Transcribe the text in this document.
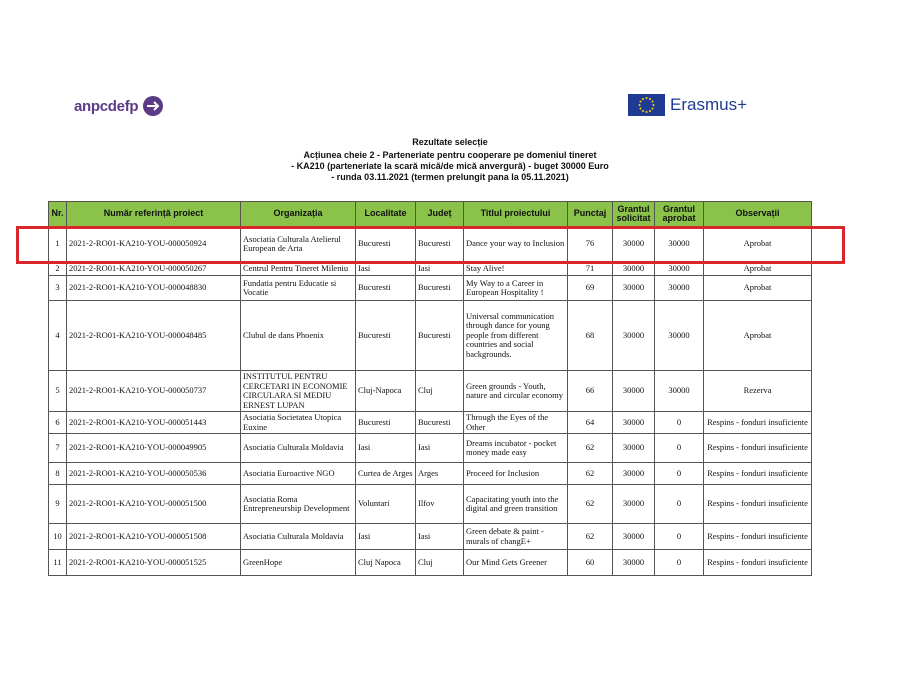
anpcdefp	Erasmus+
Rezultate selecție
Acțiunea cheie 2 - Parteneriate pentru cooperare pe domeniul tineret
- KA210 (parteneriate la scară mică/de mică anvergură) - buget 30000 Euro
- runda 03.11.2021 (termen prelungit pana la 05.11.2021)
Nr.	Număr referință proiect	Organizația	Localitate	Județ	Titlul proiectului	Punctaj	Grantul solicitat	Grantul aprobat	Observații
1	2021-2-RO01-KA210-YOU-000050924	Asociatia Culturala Atelierul European de Arta	Bucuresti	Bucuresti	Dance your way to Inclusion	76	30000	30000	Aprobat
2	2021-2-RO01-KA210-YOU-000050267	Centrul Pentru Tineret Mileniu	Iasi	Iasi	Stay Alive!	71	30000	30000	Aprobat
3	2021-2-RO01-KA210-YOU-000048830	Fundatia pentru Educatie si Vocatie	Bucuresti	Bucuresti	My Way to a Career in European Hospitality !	69	30000	30000	Aprobat
4	2021-2-RO01-KA210-YOU-000048485	Clubul de dans Phoenix	Bucuresti	Bucuresti	Universal communication through dance for young people from different countries and social backgrounds.	68	30000	30000	Aprobat
5	2021-2-RO01-KA210-YOU-000050737	INSTITUTUL PENTRU CERCETARI IN ECONOMIE CIRCULARA SI MEDIU ERNEST LUPAN	Cluj-Napoca	Cluj	Green grounds - Youth, nature and circular economy	66	30000	30000	Rezerva
6	2021-2-RO01-KA210-YOU-000051443	Asociatia Societatea Utopica Euxine	Bucuresti	Bucuresti	Through the Eyes of the Other	64	30000	0	Respins - fonduri insuficiente
7	2021-2-RO01-KA210-YOU-000049905	Asociatia Culturala Moldavia	Iasi	Iasi	Dreams incubator - pocket money made easy	62	30000	0	Respins - fonduri insuficiente
8	2021-2-RO01-KA210-YOU-000050536	Asociatia Euroactive NGO	Curtea de Arges	Arges	Proceed for Inclusion	62	30000	0	Respins - fonduri insuficiente
9	2021-2-RO01-KA210-YOU-000051500	Asociatia Roma Entrepreneurship Development	Voluntari	Ilfov	Capacitating youth into the digital and green transition	62	30000	0	Respins - fonduri insuficiente
10	2021-2-RO01-KA210-YOU-000051508	Asociatia Culturala Moldavia	Iasi	Iasi	Green debate & paint - murals of changE+	62	30000	0	Respins - fonduri insuficiente
11	2021-2-RO01-KA210-YOU-000051525	GreenHope	Cluj Napoca	Cluj	Our Mind Gets Greener	60	30000	0	Respins - fonduri insuficiente
